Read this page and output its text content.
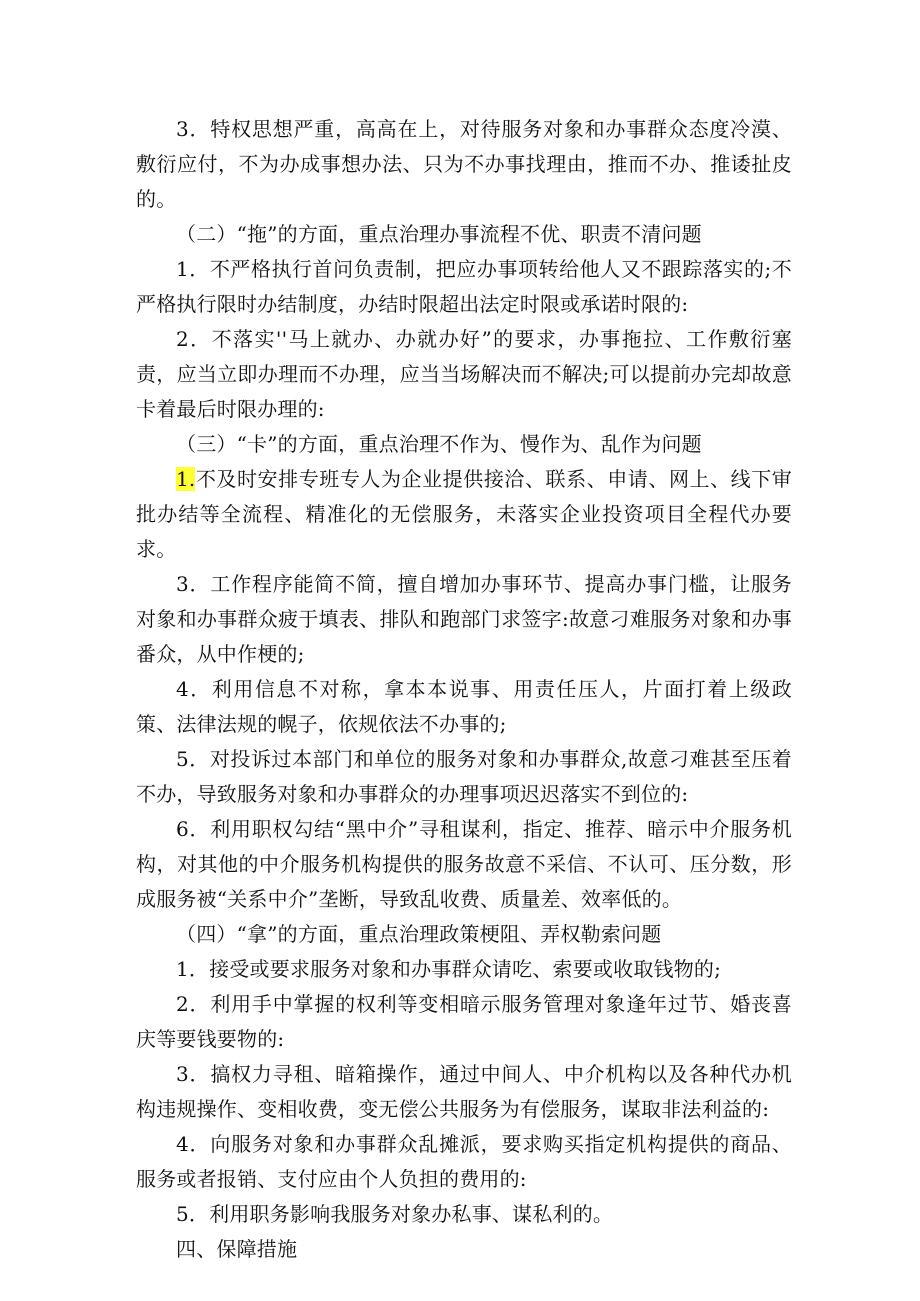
3．特权思想严重，高高在上，对待服务对象和办事群众态度冷漠、敷衍应付，不为办成事想办法、只为不办事找理由，推而不办、推诿扯皮的。

（二）“拖”的方面，重点治理办事流程不优、职责不清问题

1．不严格执行首问负责制，把应办事项转给他人又不跟踪落实的;不严格执行限时办结制度，办结时限超出法定时限或承诺时限的:

2．不落实''马上就办、办就办好”的要求，办事拖拉、工作敷衍塞责，应当立即办理而不办理，应当当场解决而不解决;可以提前办完却故意卡着最后时限办理的:

（三）“卡”的方面，重点治理不作为、慢作为、乱作为问题

1.不及时安排专班专人为企业提供接洽、联系、申请、网上、线下审批办结等全流程、精准化的无偿服务，未落实企业投资项目全程代办要求。

3．工作程序能简不简，擅自增加办事环节、提高办事门槛，让服务对象和办事群众疲于填表、排队和跑部门求签字:故意刁难服务对象和办事番众，从中作梗的;

4．利用信息不对称，拿本本说事、用责任压人，片面打着上级政策、法律法规的幌子，依规依法不办事的;

5．对投诉过本部门和单位的服务对象和办事群众,故意刁难甚至压着不办，导致服务对象和办事群众的办理事项迟迟落实不到位的:

6．利用职权勾结“黑中介”寻租谋利，指定、推荐、暗示中介服务机构，对其他的中介服务机构提供的服务故意不采信、不认可、压分数，形成服务被“关系中介”垄断，导致乱收费、质量差、效率低的。

（四）“拿”的方面，重点治理政策梗阻、弄权勒索问题

1．接受或要求服务对象和办事群众请吃、索要或收取钱物的;

2．利用手中掌握的权利等变相暗示服务管理对象逢年过节、婚丧喜庆等要钱要物的:

3．搞权力寻租、暗箱操作，通过中间人、中介机构以及各种代办机构违规操作、变相收费，变无偿公共服务为有偿服务，谋取非法利益的:

4．向服务对象和办事群众乱摊派，要求购买指定机构提供的商品、服务或者报销、支付应由个人负担的费用的:

5．利用职务影响我服务对象办私事、谋私利的。

四、保障措施
